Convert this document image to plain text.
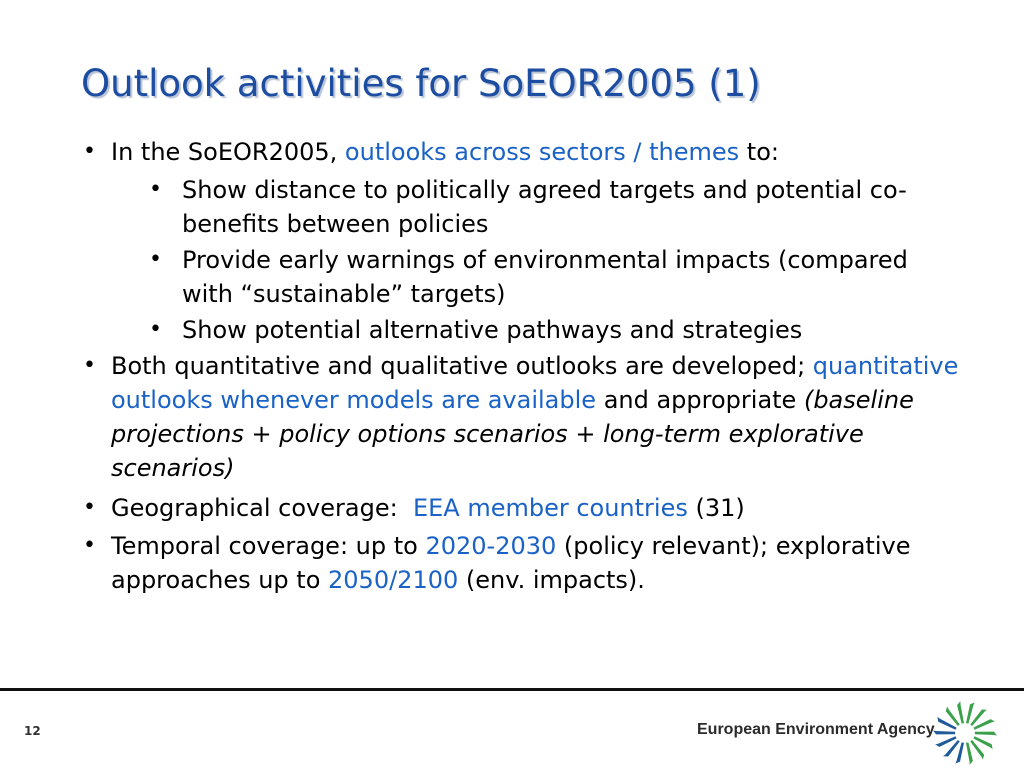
Outlook activities for SoEOR2005 (1)
• In the SoEOR2005, outlooks across sectors / themes to:
• Show distance to politically agreed targets and potential co-benefits between policies
• Provide early warnings of environmental impacts (compared with “sustainable” targets)
• Show potential alternative pathways and strategies
• Both quantitative and qualitative outlooks are developed; quantitative outlooks whenever models are available and appropriate (baseline projections + policy options scenarios + long-term explorative scenarios)
• Geographical coverage:  EEA member countries (31)
• Temporal coverage: up to 2020-2030 (policy relevant); explorative approaches up to 2050/2100 (env. impacts).
12	European Environment Agency
